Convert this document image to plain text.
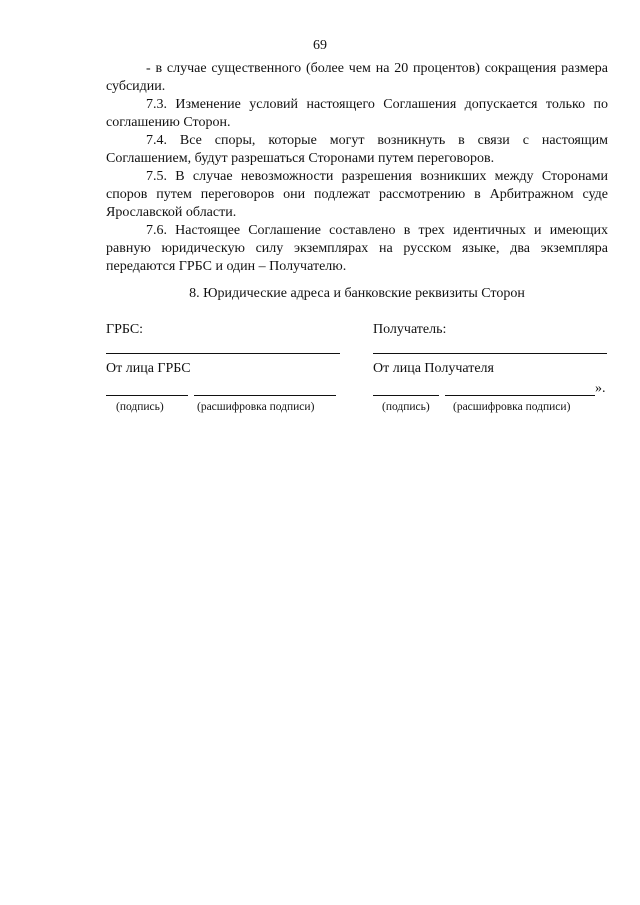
69

- в случае существенного (более чем на 20 процентов) сокращения размера субсидии.

7.3. Изменение условий настоящего Соглашения допускается только по соглашению Сторон.

7.4. Все споры, которые могут возникнуть в связи с настоящим Соглашением, будут разрешаться Сторонами путем переговоров.

7.5. В случае невозможности разрешения возникших между Сторонами споров путем переговоров они подлежат рассмотрению в Арбитражном суде Ярославской области.

7.6. Настоящее Соглашение составлено в трех идентичных и имеющих равную юридическую силу экземплярах на русском языке, два экземпляра передаются ГРБС и один – Получателю.

8. Юридические адреса и банковские реквизиты Сторон
ГРБС:
От лица ГРБС
(подпись)	(расшифровка подписи)
Получатель:
От лица Получателя
».
(подпись) (расшифровка подписи)
